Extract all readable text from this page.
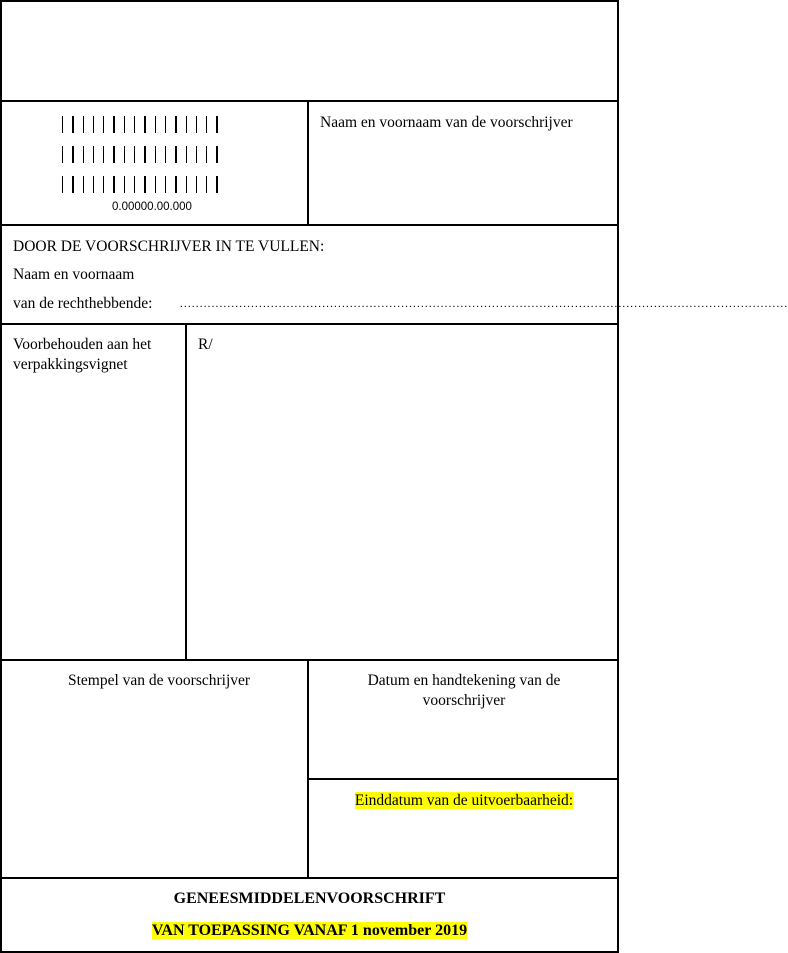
0.00000.00.000
Naam en voornaam van de voorschrijver
DOOR DE VOORSCHRIJVER IN TE VULLEN:
Naam en voornaam
van de rechthebbende:	..........................................................................................................................................................
Voorbehouden aan het
verpakkingsvignet
R/
Stempel van de voorschrijver	Datum en handtekening van de
voorschrijver
Einddatum van de uitvoerbaarheid:
GENEESMIDDELENVOORSCHRIFT
VAN TOEPASSING VANAF 1 november 2019
